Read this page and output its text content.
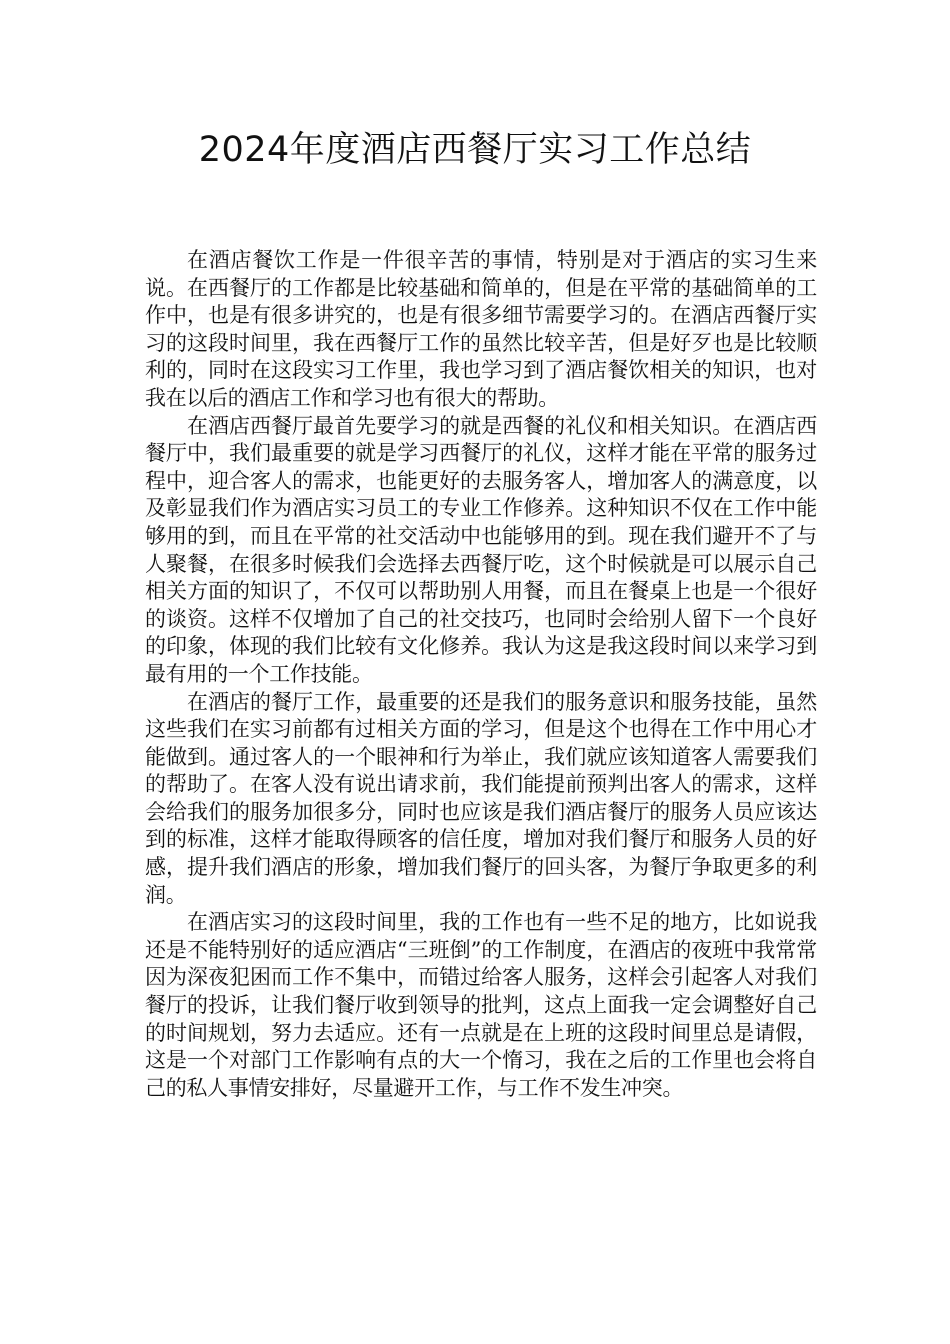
2024年度酒店西餐厅实习工作总结

在酒店餐饮工作是一件很辛苦的事情，特别是对于酒店的实习生来说。在西餐厅的工作都是比较基础和简单的，但是在平常的基础简单的工作中，也是有很多讲究的，也是有很多细节需要学习的。在酒店西餐厅实习的这段时间里，我在西餐厅工作的虽然比较辛苦，但是好歹也是比较顺利的，同时在这段实习工作里，我也学习到了酒店餐饮相关的知识，也对我在以后的酒店工作和学习也有很大的帮助。

在酒店西餐厅最首先要学习的就是西餐的礼仪和相关知识。在酒店西餐厅中，我们最重要的就是学习西餐厅的礼仪，这样才能在平常的服务过程中，迎合客人的需求，也能更好的去服务客人，增加客人的满意度，以及彰显我们作为酒店实习员工的专业工作修养。这种知识不仅在工作中能够用的到，而且在平常的社交活动中也能够用的到。现在我们避开不了与人聚餐，在很多时候我们会选择去西餐厅吃，这个时候就是可以展示自己相关方面的知识了，不仅可以帮助别人用餐，而且在餐桌上也是一个很好的谈资。这样不仅增加了自己的社交技巧，也同时会给别人留下一个良好的印象，体现的我们比较有文化修养。我认为这是我这段时间以来学习到最有用的一个工作技能。

在酒店的餐厅工作，最重要的还是我们的服务意识和服务技能，虽然这些我们在实习前都有过相关方面的学习，但是这个也得在工作中用心才能做到。通过客人的一个眼神和行为举止，我们就应该知道客人需要我们的帮助了。在客人没有说出请求前，我们能提前预判出客人的需求，这样会给我们的服务加很多分，同时也应该是我们酒店餐厅的服务人员应该达到的标准，这样才能取得顾客的信任度，增加对我们餐厅和服务人员的好感，提升我们酒店的形象，增加我们餐厅的回头客，为餐厅争取更多的利润。

在酒店实习的这段时间里，我的工作也有一些不足的地方，比如说我还是不能特别好的适应酒店“三班倒”的工作制度，在酒店的夜班中我常常因为深夜犯困而工作不集中，而错过给客人服务，这样会引起客人对我们餐厅的投诉，让我们餐厅收到领导的批判，这点上面我一定会调整好自己的时间规划，努力去适应。还有一点就是在上班的这段时间里总是请假，这是一个对部门工作影响有点的大一个惰习，我在之后的工作里也会将自己的私人事情安排好，尽量避开工作，与工作不发生冲突。
